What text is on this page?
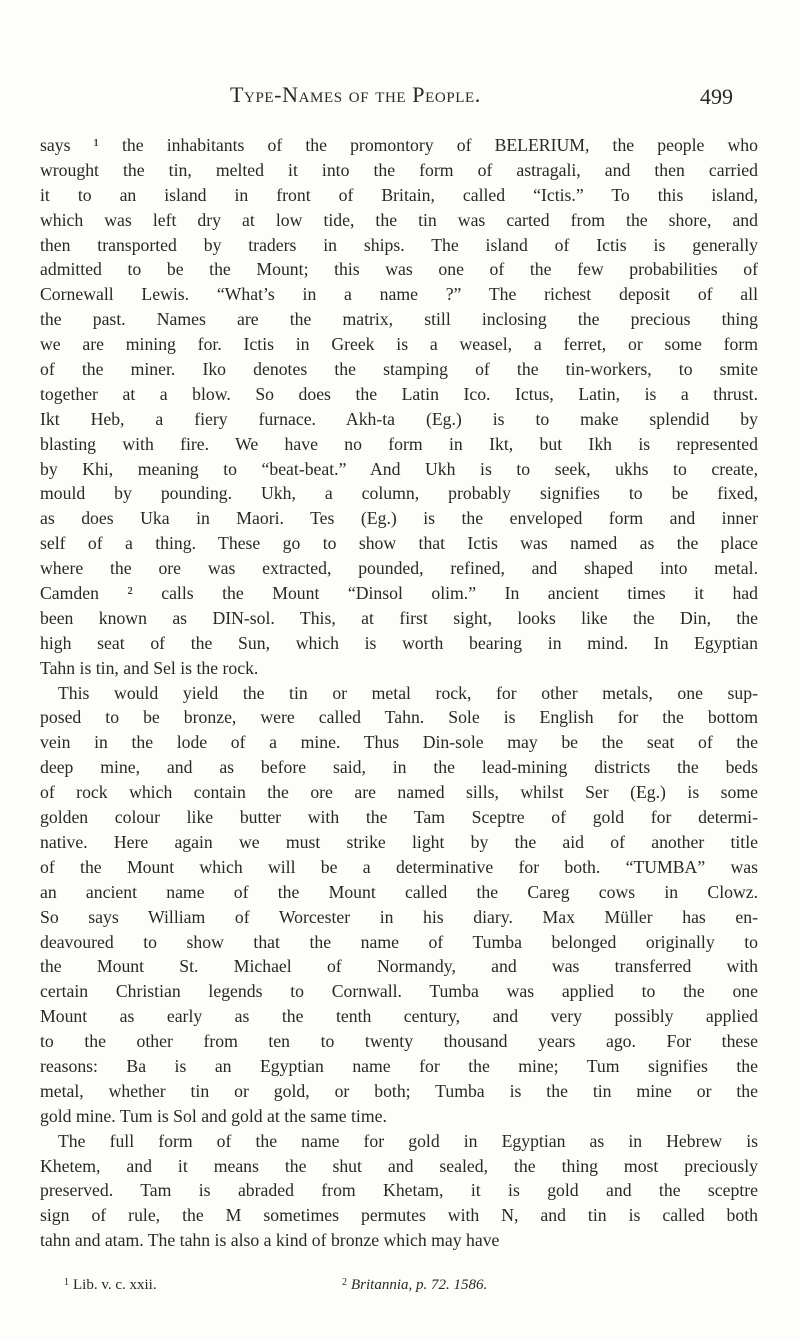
Type-Names of the People.	499
says ¹ the inhabitants of the promontory of BELERIUM, the people who
wrought the tin, melted it into the form of astragali, and then carried
it to an island in front of Britain, called “Ictis.” To this island,
which was left dry at low tide, the tin was carted from the shore, and
then transported by traders in ships. The island of Ictis is generally
admitted to be the Mount; this was one of the few probabilities of
Cornewall Lewis. “What’s in a name ?” The richest deposit of all
the past. Names are the matrix, still inclosing the precious thing
we are mining for. Ictis in Greek is a weasel, a ferret, or some form
of the miner. Iko denotes the stamping of the tin-workers, to smite
together at a blow. So does the Latin Ico. Ictus, Latin, is a thrust.
Ikt Heb, a fiery furnace. Akh-ta (Eg.) is to make splendid by
blasting with fire. We have no form in Ikt, but Ikh is represented
by Khi, meaning to “beat-beat.” And Ukh is to seek, ukhs to create,
mould by pounding. Ukh, a column, probably signifies to be fixed,
as does Uka in Maori. Tes (Eg.) is the enveloped form and inner
self of a thing. These go to show that Ictis was named as the place
where the ore was extracted, pounded, refined, and shaped into metal.
Camden ² calls the Mount “Dinsol olim.” In ancient times it had
been known as DIN-sol. This, at first sight, looks like the Din, the
high seat of the Sun, which is worth bearing in mind. In Egyptian
Tahn is tin, and Sel is the rock.
This would yield the tin or metal rock, for other metals, one sup-
posed to be bronze, were called Tahn. Sole is English for the bottom
vein in the lode of a mine. Thus Din-sole may be the seat of the
deep mine, and as before said, in the lead-mining districts the beds
of rock which contain the ore are named sills, whilst Ser (Eg.) is some
golden colour like butter with the Tam Sceptre of gold for determi-
native. Here again we must strike light by the aid of another title
of the Mount which will be a determinative for both. “TUMBA” was
an ancient name of the Mount called the Careg cows in Clowz.
So says William of Worcester in his diary. Max Müller has en-
deavoured to show that the name of Tumba belonged originally to
the Mount St. Michael of Normandy, and was transferred with
certain Christian legends to Cornwall. Tumba was applied to the one
Mount as early as the tenth century, and very possibly applied
to the other from ten to twenty thousand years ago. For these
reasons: Ba is an Egyptian name for the mine; Tum signifies the
metal, whether tin or gold, or both; Tumba is the tin mine or the
gold mine. Tum is Sol and gold at the same time.
The full form of the name for gold in Egyptian as in Hebrew is
Khetem, and it means the shut and sealed, the thing most preciously
preserved. Tam is abraded from Khetam, it is gold and the sceptre
sign of rule, the M sometimes permutes with N, and tin is called both
tahn and atam. The tahn is also a kind of bronze which may have
$^1$ Lib. v. c. xxii.	$^2$ Britannia, p. 72. 1586.
